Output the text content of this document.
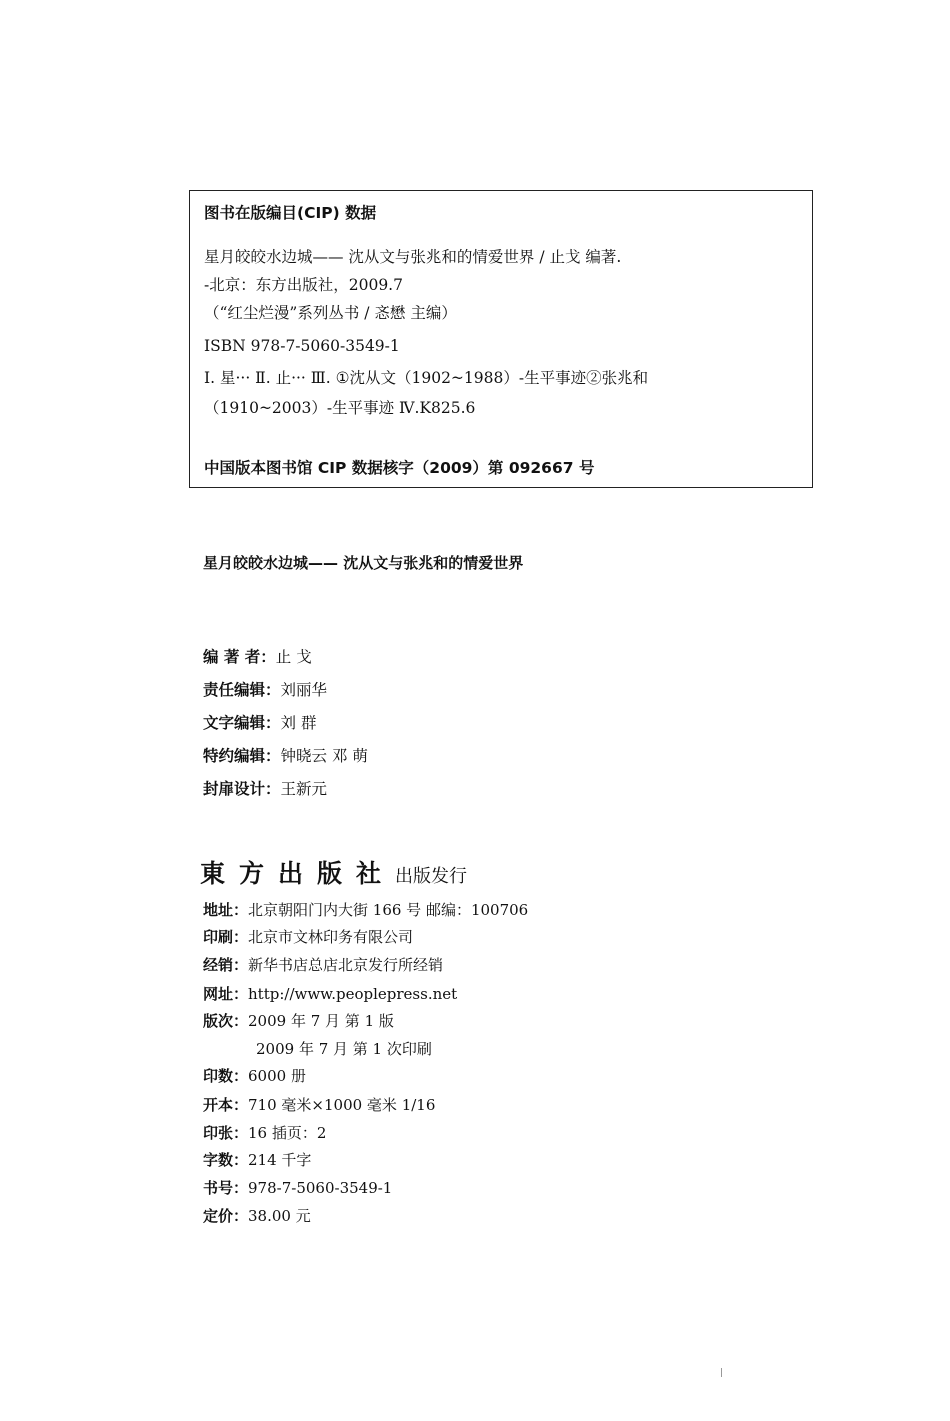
图书在版编目(CIP) 数据
星月皎皎水边城—— 沈从文与张兆和的情爱世界 / 止戈 编著.
-北京：东方出版社，2009.7
（“红尘烂漫”系列丛书 / 忞懋 主编）
ISBN 978-7-5060-3549-1
Ⅰ. 星··· Ⅱ. 止··· Ⅲ. ①沈从文（1902~1988）-生平事迹②张兆和
（1910~2003）-生平事迹 Ⅳ.K825.6
中国版本图书馆 CIP 数据核字（2009）第 092667 号
星月皎皎水边城—— 沈从文与张兆和的情爱世界
编 著 者：止 戈
责任编辑：刘丽华
文字编辑：刘 群
特约编辑：钟晓云 邓 萌
封扉设计：王新元
東方出版社出版发行
地址：北京朝阳门内大街 166 号 邮编：100706
印刷：北京市文林印务有限公司
经销：新华书店总店北京发行所经销
网址：http://www.peoplepress.net
版次：2009 年 7 月 第 1 版
2009 年 7 月 第 1 次印刷
印数：6000 册
开本：710 毫米×1000 毫米 1/16
印张：16 插页：2
字数：214 千字
书号：978-7-5060-3549-1
定价：38.00 元
